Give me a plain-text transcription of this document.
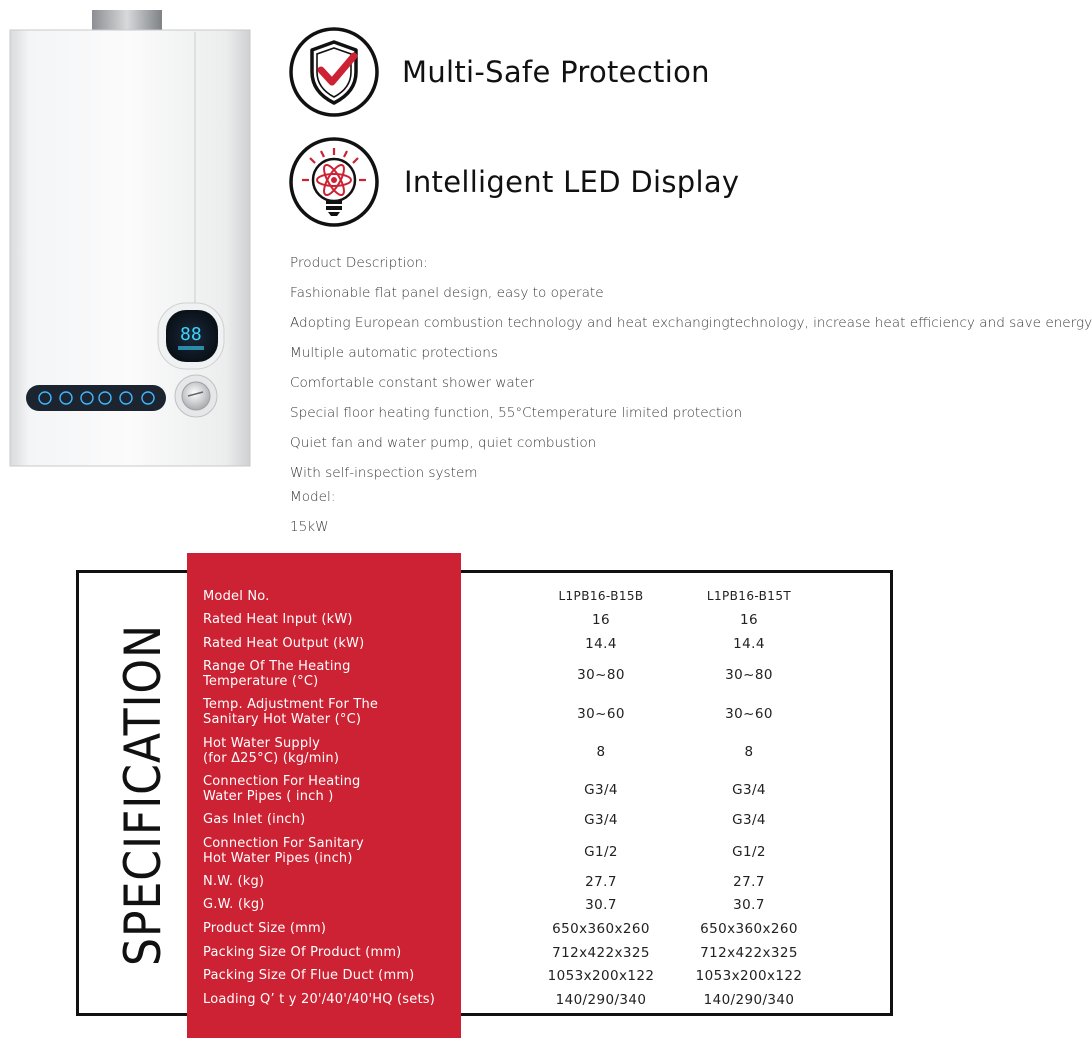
88
Multi-Safe Protection
Intelligent LED Display
Product Description:
Fashionable flat panel design, easy to operate
Adopting European combustion technology and heat exchangingtechnology, increase heat efficiency and save energy
Multiple automatic protections
Comfortable constant shower water
Special floor heating function, 55°Ctemperature limited protection
Quiet fan and water pump, quiet combustion
With self-inspection system
Model:
15kW
SPECIFICATION Model No.	L1PB16-B15B	L1PB16-B15T
Rated Heat Input (kW)	16	16
Rated Heat Output (kW)	14.4	14.4
Range Of The Heating
Temperature (°C)	30~80	30~80
Temp. Adjustment For The
Sanitary Hot Water (°C)	30~60	30~60
Hot Water Supply
(for Δ25°C) (kg/min)	8	8
Connection For Heating
Water Pipes ( inch )	G3/4	G3/4
Gas Inlet (inch)	G3/4	G3/4
Connection For Sanitary
Hot Water Pipes (inch)	G1/2	G1/2
N.W. (kg)	27.7	27.7
G.W. (kg)	30.7	30.7
Product Size (mm)	650x360x260	650x360x260
Packing Size Of Product (mm)	712x422x325	712x422x325
Packing Size Of Flue Duct (mm)	1053x200x122	1053x200x122
Loading Q’ t y 20'/40'/40'HQ (sets)	140/290/340	140/290/340
